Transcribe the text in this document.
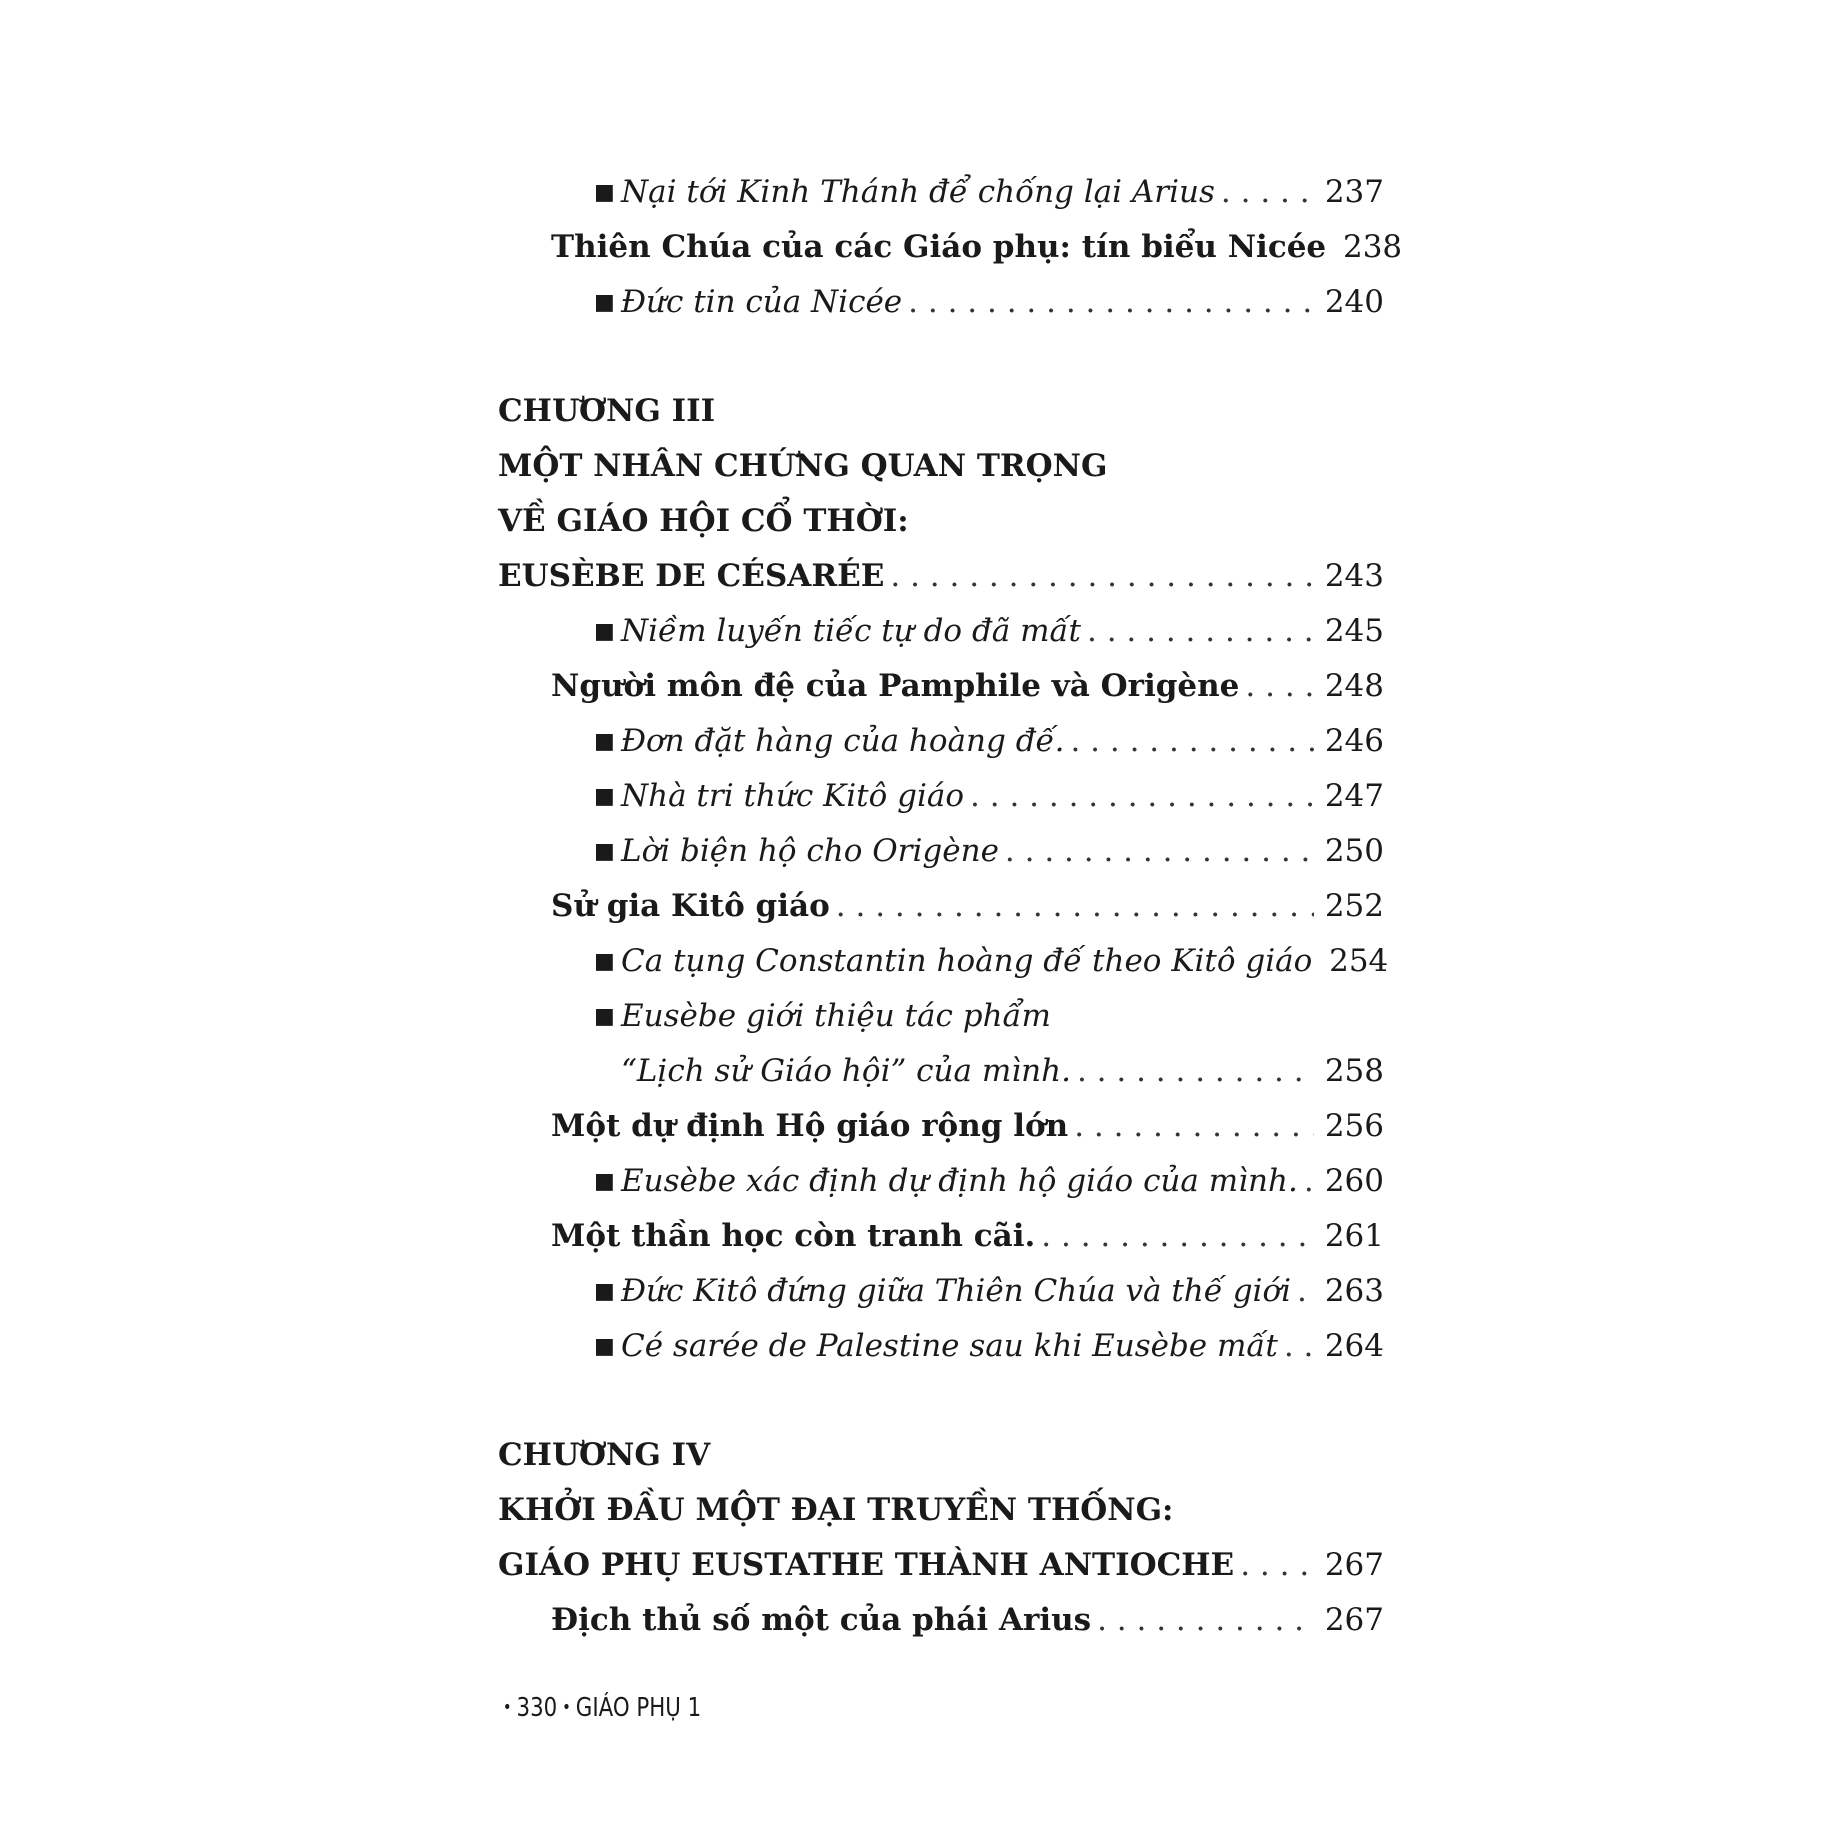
■ Nại tới Kinh Thánh để chống lại Arius . . .	237
Thiên Chúa của các Giáo phụ: tín biểu Nicée 238
■ Đức tin của Nicée . . .	240
CHƯƠNG III
MỘT NHÂN CHỨNG QUAN TRỌNG
VỀ GIÁO HỘI CỔ THỜI:
EUSÈBE DE CÉSARÉE . . .	243
■ Niềm luyến tiếc tự do đã mất . . .	245
Người môn đệ của Pamphile và Origène . . .	248
■ Đơn đặt hàng của hoàng đế. . . .	246
■ Nhà tri thức Kitô giáo . . .	247
■ Lời biện hộ cho Origène . . .	250
Sử gia Kitô giáo . . .	252
■ Ca tụng Constantin hoàng đế theo Kitô giáo 254
■ Eusèbe giới thiệu tác phẩm
“Lịch sử Giáo hội” của mình. . . .	258
Một dự định Hộ giáo rộng lớn . . .	256
■ Eusèbe xác định dự định hộ giáo của mình. . . . 260
Một thần học còn tranh cãi. . . .	261
■ Đức Kitô đứng giữa Thiên Chúa và thế giới . . . 263
■ Cé sarée de Palestine sau khi Eusèbe mất . . . 264
CHƯƠNG IV
KHỞI ĐẦU MỘT ĐẠI TRUYỀN THỐNG:
GIÁO PHỤ EUSTATHE THÀNH ANTIOCHE . . .	267
Địch thủ số một của phái Arius . . .	267
• 330 • GIÁO PHỤ 1
